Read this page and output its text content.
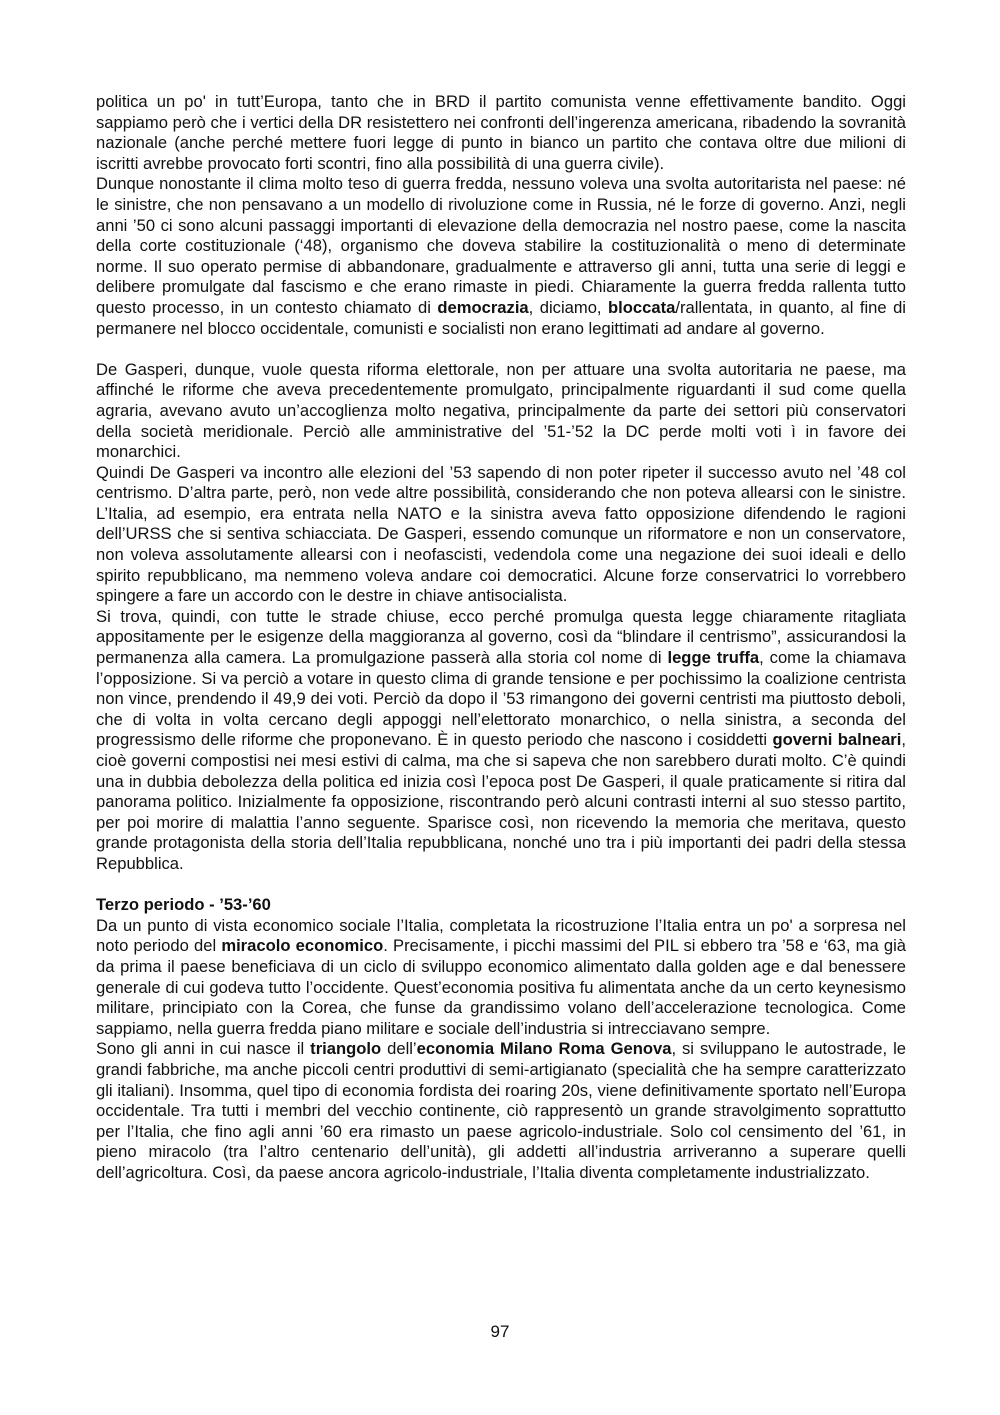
politica un po' in tutt’Europa, tanto che in BRD il partito comunista venne effettivamente bandito. Oggi sappiamo però che i vertici della DR resistettero nei confronti dell’ingerenza americana, ribadendo la sovranità nazionale (anche perché mettere fuori legge di punto in bianco un partito che contava oltre due milioni di iscritti avrebbe provocato forti scontri, fino alla possibilità di una guerra civile).

Dunque nonostante il clima molto teso di guerra fredda, nessuno voleva una svolta autoritarista nel paese: né le sinistre, che non pensavano a un modello di rivoluzione come in Russia, né le forze di governo. Anzi, negli anni ’50 ci sono alcuni passaggi importanti di elevazione della democrazia nel nostro paese, come la nascita della corte costituzionale (‘48), organismo che doveva stabilire la costituzionalità o meno di determinate norme. Il suo operato permise di abbandonare, gradualmente e attraverso gli anni, tutta una serie di leggi e delibere promulgate dal fascismo e che erano rimaste in piedi. Chiaramente la guerra fredda rallenta tutto questo processo, in un contesto chiamato di democrazia, diciamo, bloccata/rallentata, in quanto, al fine di permanere nel blocco occidentale, comunisti e socialisti non erano legittimati ad andare al governo.

De Gasperi, dunque, vuole questa riforma elettorale, non per attuare una svolta autoritaria ne paese, ma affinché le riforme che aveva precedentemente promulgato, principalmente riguardanti il sud come quella agraria, avevano avuto un’accoglienza molto negativa, principalmente da parte dei settori più conservatori della società meridionale. Perciò alle amministrative del ’51-’52 la DC perde molti voti ì in favore dei monarchici.

Quindi De Gasperi va incontro alle elezioni del ’53 sapendo di non poter ripeter il successo avuto nel ’48 col centrismo. D’altra parte, però, non vede altre possibilità, considerando che non poteva allearsi con le sinistre. L’Italia, ad esempio, era entrata nella NATO e la sinistra aveva fatto opposizione difendendo le ragioni dell’URSS che si sentiva schiacciata. De Gasperi, essendo comunque un riformatore e non un conservatore, non voleva assolutamente allearsi con i neofascisti, vedendola come una negazione dei suoi ideali e dello spirito repubblicano, ma nemmeno voleva andare coi democratici. Alcune forze conservatrici lo vorrebbero spingere a fare un accordo con le destre in chiave antisocialista.

Si trova, quindi, con tutte le strade chiuse, ecco perché promulga questa legge chiaramente ritagliata appositamente per le esigenze della maggioranza al governo, così da “blindare il centrismo”, assicurandosi la permanenza alla camera. La promulgazione passerà alla storia col nome di legge truffa, come la chiamava l’opposizione. Si va perciò a votare in questo clima di grande tensione e per pochissimo la coalizione centrista non vince, prendendo il 49,9 dei voti. Perciò da dopo il ’53 rimangono dei governi centristi ma piuttosto deboli, che di volta in volta cercano degli appoggi nell’elettorato monarchico, o nella sinistra, a seconda del progressismo delle riforme che proponevano. È in questo periodo che nascono i cosiddetti governi balneari, cioè governi compostisi nei mesi estivi di calma, ma che si sapeva che non sarebbero durati molto. C’è quindi una in dubbia debolezza della politica ed inizia così l’epoca post De Gasperi, il quale praticamente si ritira dal panorama politico. Inizialmente fa opposizione, riscontrando però alcuni contrasti interni al suo stesso partito, per poi morire di malattia l’anno seguente. Sparisce così, non ricevendo la memoria che meritava, questo grande protagonista della storia dell’Italia repubblicana, nonché uno tra i più importanti dei padri della stessa Repubblica.

Terzo periodo - ’53-’60

Da un punto di vista economico sociale l’Italia, completata la ricostruzione l’Italia entra un po' a sorpresa nel noto periodo del miracolo economico. Precisamente, i picchi massimi del PIL si ebbero tra ’58 e ‘63, ma già da prima il paese beneficiava di un ciclo di sviluppo economico alimentato dalla golden age e dal benessere generale di cui godeva tutto l’occidente. Quest’economia positiva fu alimentata anche da un certo keynesismo militare, principiato con la Corea, che funse da grandissimo volano dell’accelerazione tecnologica. Come sappiamo, nella guerra fredda piano militare e sociale dell’industria si intrecciavano sempre.

Sono gli anni in cui nasce il triangolo dell’economia Milano Roma Genova, si sviluppano le autostrade, le grandi fabbriche, ma anche piccoli centri produttivi di semi-artigianato (specialità che ha sempre caratterizzato gli italiani). Insomma, quel tipo di economia fordista dei roaring 20s, viene definitivamente sportato nell’Europa occidentale. Tra tutti i membri del vecchio continente, ciò rappresentò un grande stravolgimento soprattutto per l’Italia, che fino agli anni ’60 era rimasto un paese agricolo-industriale. Solo col censimento del ’61, in pieno miracolo (tra l’altro centenario dell’unità), gli addetti all’industria arriveranno a superare quelli dell’agricoltura. Così, da paese ancora agricolo-industriale, l’Italia diventa completamente industrializzato.

97
